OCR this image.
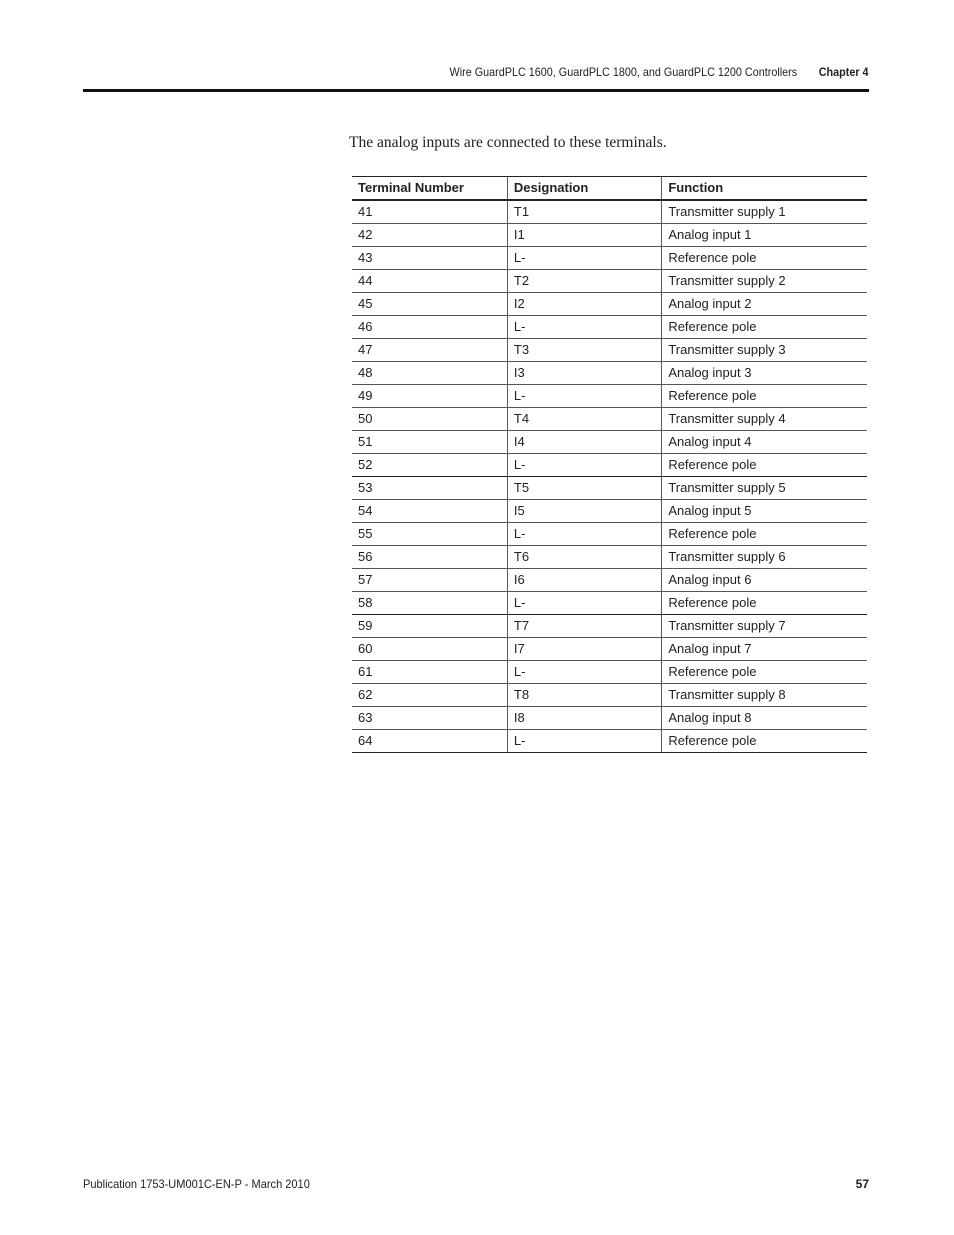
Wire GuardPLC 1600, GuardPLC 1800, and GuardPLC 1200 Controllers Chapter 4
The analog inputs are connected to these terminals.
Terminal Number	Designation	Function
41	T1	Transmitter supply 1
42	I1	Analog input 1
43	L-	Reference pole
44	T2	Transmitter supply 2
45	I2	Analog input 2
46	L-	Reference pole
47	T3	Transmitter supply 3
48	I3	Analog input 3
49	L-	Reference pole
50	T4	Transmitter supply 4
51	I4	Analog input 4
52	L-	Reference pole
53	T5	Transmitter supply 5
54	I5	Analog input 5
55	L-	Reference pole
56	T6	Transmitter supply 6
57	I6	Analog input 6
58	L-	Reference pole
59	T7	Transmitter supply 7
60	I7	Analog input 7
61	L-	Reference pole
62	T8	Transmitter supply 8
63	I8	Analog input 8
64	L-	Reference pole
Publication 1753-UM001C-EN-P - March 2010	57
